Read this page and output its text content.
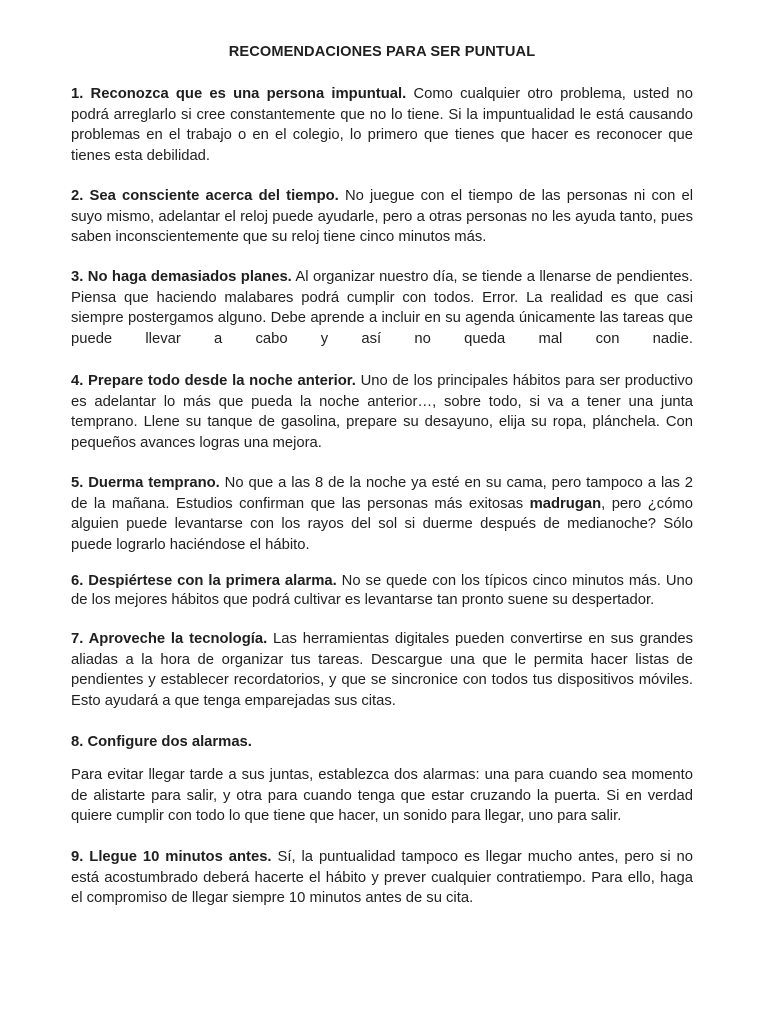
RECOMENDACIONES PARA SER PUNTUAL

1. Reconozca que es una persona impuntual. Como cualquier otro problema, usted no podrá arreglarlo si cree constantemente que no lo tiene. Si la impuntualidad le está causando problemas en el trabajo o en el colegio, lo primero que tienes que hacer es reconocer que tienes esta debilidad.

2. Sea consciente acerca del tiempo. No juegue con el tiempo de las personas ni con el suyo mismo, adelantar el reloj puede ayudarle, pero a otras personas no les ayuda tanto, pues saben inconscientemente que su reloj tiene cinco minutos más.

3. No haga demasiados planes. Al organizar nuestro día, se tiende a llenarse de pendientes. Piensa que haciendo malabares podrá cumplir con todos. Error. La realidad es que casi siempre postergamos alguno. Debe aprende a incluir en su agenda únicamente las tareas que puede llevar a cabo y así no queda mal con nadie.

4. Prepare todo desde la noche anterior. Uno de los principales hábitos para ser productivo es adelantar lo más que pueda la noche anterior…, sobre todo, si va a tener una junta temprano. Llene su tanque de gasolina, prepare su desayuno, elija su ropa, plánchela. Con pequeños avances logras una mejora.

5. Duerma temprano. No que a las 8 de la noche ya esté en su cama, pero tampoco a las 2 de la mañana. Estudios confirman que las personas más exitosas madrugan, pero ¿cómo alguien puede levantarse con los rayos del sol si duerme después de medianoche? Sólo puede lograrlo haciéndose el hábito.

6. Despiértese con la primera alarma. No se quede con los típicos cinco minutos más. Uno de los mejores hábitos que podrá cultivar es levantarse tan pronto suene su despertador.

7. Aproveche la tecnología. Las herramientas digitales pueden convertirse en sus grandes aliadas a la hora de organizar tus tareas. Descargue una que le permita hacer listas de pendientes y establecer recordatorios, y que se sincronice con todos tus dispositivos móviles. Esto ayudará a que tenga emparejadas sus citas.

8. Configure dos alarmas.

Para evitar llegar tarde a sus juntas, establezca dos alarmas: una para cuando sea momento de alistarte para salir, y otra para cuando tenga que estar cruzando la puerta. Si en verdad quiere cumplir con todo lo que tiene que hacer, un sonido para llegar, uno para salir.

9. Llegue 10 minutos antes. Sí, la puntualidad tampoco es llegar mucho antes, pero si no está acostumbrado deberá hacerte el hábito y prever cualquier contratiempo. Para ello, haga el compromiso de llegar siempre 10 minutos antes de su cita.
